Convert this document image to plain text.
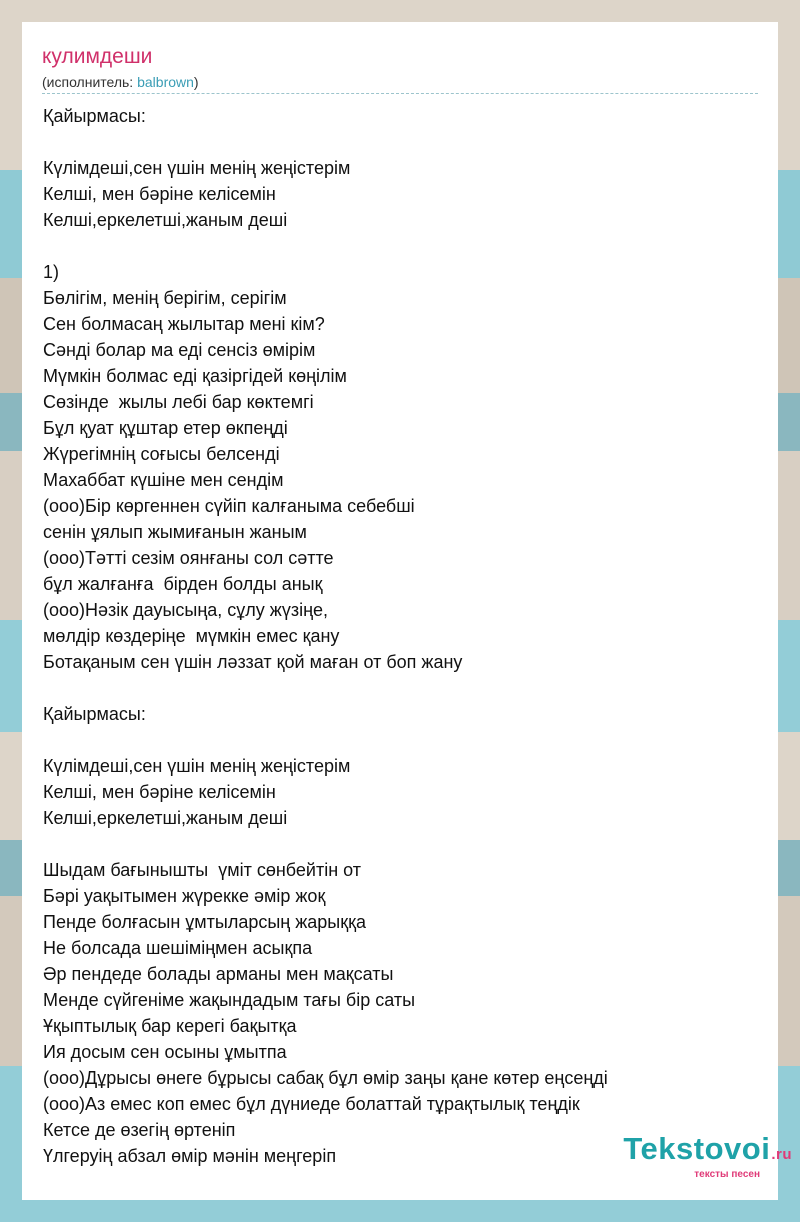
кулимдеши
(исполнитель: balbrown)
Қайырмасы:
Күлімдеші,сен үшін менің жеңістерім
Келші, мен бәріне келісемін
Келші,еркелетші,жаным деші
1)
Бөлігім, менің берігім, серігім
Сен болмасаң жылытар мені кім?
Сәнді болар ма еді сенсіз өмірім
Мүмкін болмас еді қазіргідей көңілім
Сөзінде  жылы лебі бар көктемгі
Бұл қуат құштар етер өкпеңді
Жүрегімнің соғысы белсенді
Махаббат күшіне мен сендім
(ооо)Бір көргеннен сүйіп калғаныма себебші
сенін ұялып жымиғанын жаным
(ооо)Тәтті сезім оянғаны сол сәтте
бұл жалғанға  бірден болды анық
(ооо)Нәзік дауысыңа, сұлу жүзіңе,
мөлдір көздеріңе  мүмкін емес қану
Ботақаным сен үшін ләззат қой маған от боп жану
Қайырмасы:
Күлімдеші,сен үшін менің жеңістерім
Келші, мен бәріне келісемін
Келші,еркелетші,жаным деші
Шыдам бағынышты  үміт сөнбейтін от
Бәрі уақытымен жүрекке әмір жоқ
Пенде болғасын ұмтыларсың жарыққа
Не болсада шешіміңмен асықпа
Әр пендеде болады арманы мен мақсаты
Менде сүйгеніме жақындадым тағы бір саты
Ұқыптылық бар керегі бақытқа
Ия досым сен осыны ұмытпа
(ооо)Дұрысы өнеге бұрысы сабақ бұл өмір заңы қане көтер еңсеңді
(ооо)Аз емес коп емес бұл дүниеде болаттай тұрақтылық теңдік
Кетсе де өзегің өртеніп
Үлгеруің абзал өмір мәнін меңгеріп	Tekstovoi.ru
тексты песен
